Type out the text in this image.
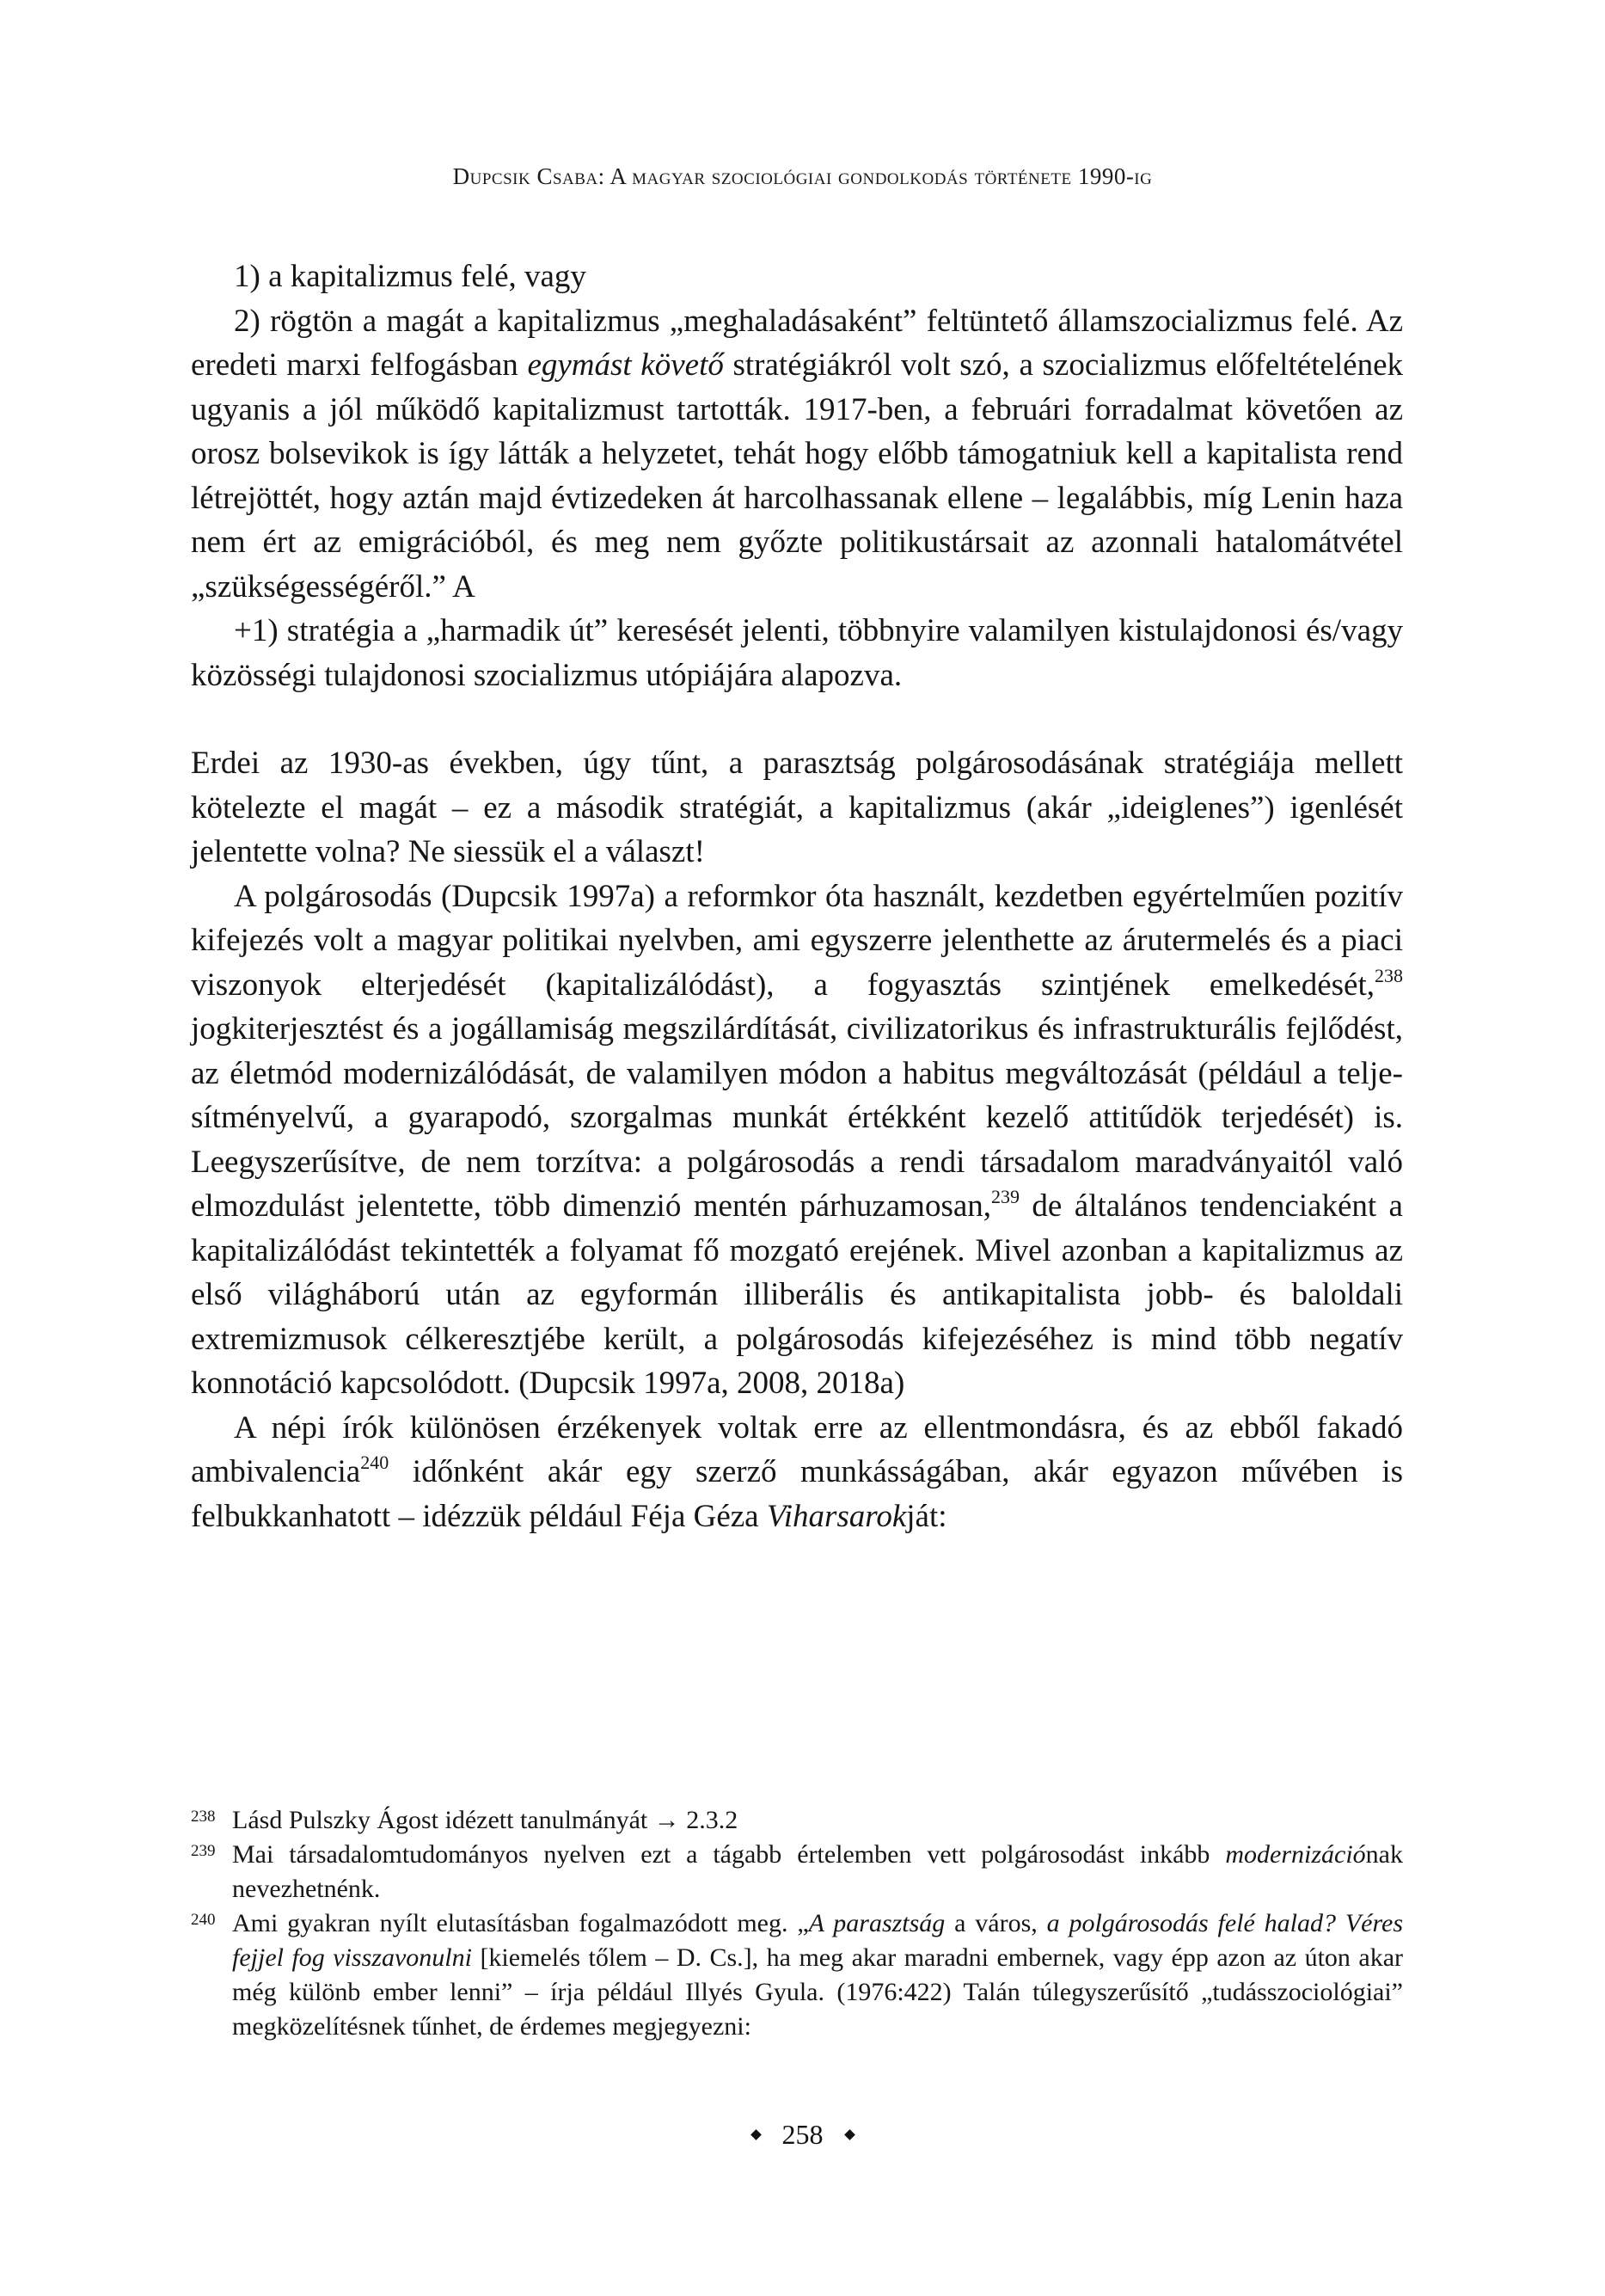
Dupcsik Csaba: A magyar szociológiai gondolkodás története 1990-ig

1) a kapitalizmus felé, vagy

2) rögtön a magát a kapitalizmus „meghaladásaként” feltüntető államszocializmus felé. Az eredeti marxi felfogásban egymást követő stratégiákról volt szó, a szocializmus előfeltételének ugyanis a jól működő kapitalizmust tartották. 1917-ben, a februári forradalmat követően az orosz bolsevikok is így látták a helyzetet, tehát hogy előbb támogatniuk kell a kapitalista rend létrejöttét, hogy aztán majd évtizedeken át harcolhassanak ellene – legalábbis, míg Lenin haza nem ért az emigrációból, és meg nem győzte politikustársait az azonnali hatalomátvétel „szükségességéről.” A

+1) stratégia a „harmadik út” keresését jelenti, többnyire valamilyen kistulajdonosi és/vagy közösségi tulajdonosi szocializmus utópiájára alapozva.

Erdei az 1930-as években, úgy tűnt, a parasztság polgárosodásának stratégiája mellett kötelezte el magát – ez a második stratégiát, a kapitalizmus (akár „ideiglenes”) igenlését jelentette volna? Ne siessük el a választ!

A polgárosodás (Dupcsik 1997a) a reformkor óta használt, kezdetben egyértelműen pozitív kifejezés volt a magyar politikai nyelvben, ami egyszerre jelenthette az árutermelés és a piaci viszonyok elterjedését (kapitalizálódást), a fogyasztás szintjének emelkedését,$^{238}$ jogkiterjesztést és a jogállamiság megszilárdítását, civilizatorikus és infrastrukturális fejlődést, az életmód modernizálódását, de valamilyen módon a habitus megváltozását (például a teljesítményelvű, a gyarapodó, szorgalmas munkát értékként kezelő attitűdök terjedését) is. Leegyszerűsítve, de nem torzítva: a polgárosodás a rendi társadalom maradványaitól való elmozdulást jelentette, több dimenzió mentén párhuzamosan,$^{239}$ de általános tendenciaként a kapitalizálódást tekintették a folyamat fő mozgató erejének. Mivel azonban a kapitalizmus az első világháború után az egyformán illiberális és antikapitalista jobb- és baloldali extremizmusok célkeresztjébe került, a polgárosodás kifejezéséhez is mind több negatív konnotáció kapcsolódott. (Dupcsik 1997a, 2008, 2018a)

A népi írók különösen érzékenyek voltak erre az ellentmondásra, és az ebből fakadó ambivalencia$^{240}$ időnként akár egy szerző munkásságában, akár egyazon művében is felbukkanhatott – idézzük például Féja Géza Viharsarokját:

238 Lásd Pulszky Ágost idézett tanulmányát → 2.3.2

239 Mai társadalomtudományos nyelven ezt a tágabb értelemben vett polgárosodást inkább modernizációnak nevezhetnénk.

240 Ami gyakran nyílt elutasításban fogalmazódott meg. „A parasztság a város, a polgárosodás felé halad? Véres fejjel fog visszavonulni [kiemelés tőlem – D. Cs.], ha meg akar maradni embernek, vagy épp azon az úton akar még különb ember lenni” – írja például Illyés Gyula. (1976:422) Talán túlegyszerűsítő „tudásszociológiai” megközelítésnek tűnhet, de érdemes megjegyezni:

258
